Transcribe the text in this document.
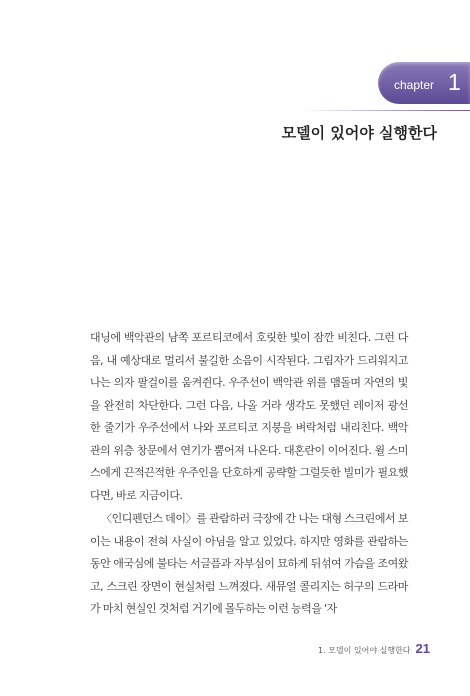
chapter 1
모델이 있어야 실행한다

대닝에 백악관의 남쪽 포르티코에서 호릿한 빛이 잠깐 비친다. 그런 다음, 내 예상대로 멀리서 불길한 소음이 시작된다. 그림자가 드리워지고 나는 의자 팔걸이를 움켜쥔다. 우주선이 백악관 위를 맴돌며 자연의 빛을 완전히 차단한다. 그런 다음, 나올 거라 생각도 못했던 레이저 광선 한 줄기가 우주선에서 나와 포르티코 지붕을 벼락처럼 내리친다. 백악관의 위층 창문에서 연기가 뿜어져 나온다. 대혼란이 이어진다. 윌 스미스에게 끈적끈적한 우주인을 단호하게 공략할 그럴듯한 빌미가 필요했다면, 바로 지금이다.

〈인디펜던스 데이〉를 관람하러 극장에 간 나는 대형 스크린에서 보이는 내용이 전혀 사실이 아님을 알고 있었다. 하지만 영화를 관람하는 동안 애국심에 불타는 서글픔과 자부심이 묘하게 뒤섞여 가슴을 조여왔고, 스크린 장면이 현실처럼 느껴졌다. 새뮤얼 콜리지는 허구의 드라마가 마치 현실인 것처럼 거기에 몰두하는 이런 능력을 '자

1. 모델이 있어야 실행한다 21
